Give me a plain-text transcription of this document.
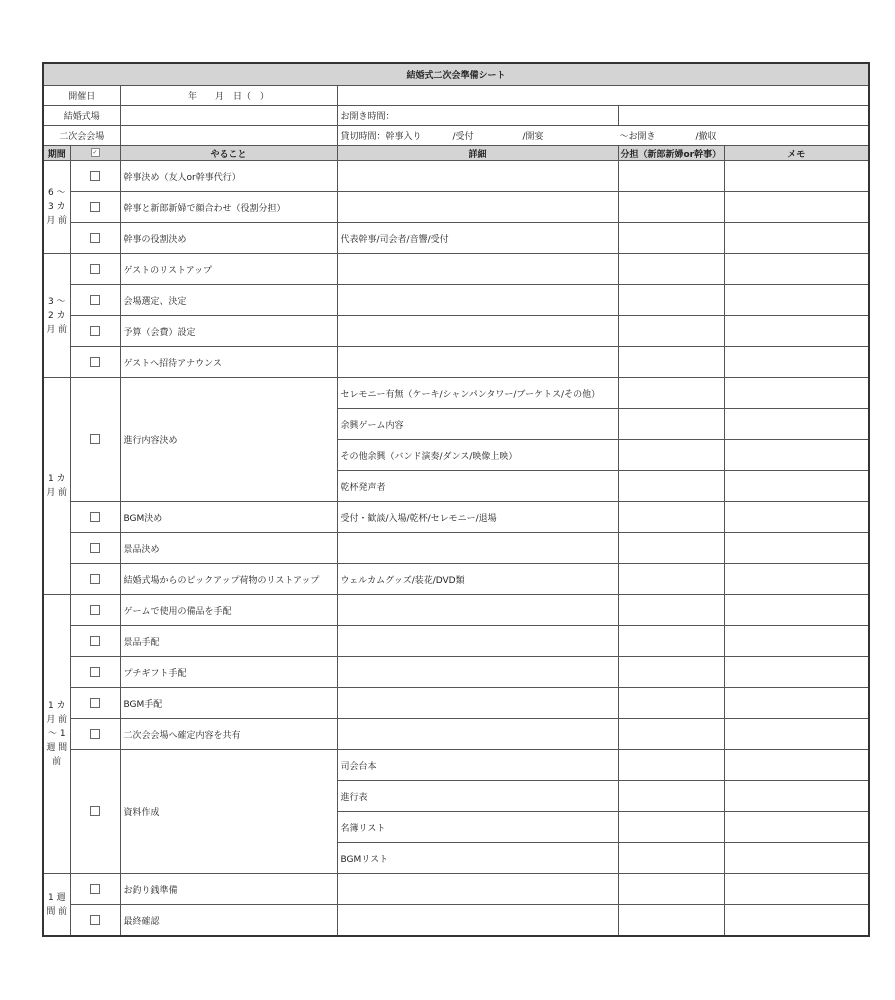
結婚式二次会準備シート					
開催日		年　　月　日（　）			
結婚式場			お開き時間：		
二次会会場			貸切時間：幹事入り /受付 /開宴 ～お開き /撤収		
期間	✓	やること	詳細	分担（新郎新婦or幹事）	メモ
6 〜 3 カ 月 前		幹事決め（友人or幹事代行）			
		幹事と新郎新婦で顔合わせ（役割分担）			
		幹事の役割決め	代表幹事/司会者/音響/受付		
3 〜 2 カ 月 前		ゲストのリストアップ			
		会場選定、決定			
		予算（会費）設定			
		ゲストへ招待アナウンス			
1 カ 月 前		進行内容決め	セレモニー有無（ケーキ/シャンパンタワー/ブーケトス/その他）		
			余興ゲーム内容		
			その他余興（バンド演奏/ダンス/映像上映）		
			乾杯発声者		
		BGM決め	受付・歓談/入場/乾杯/セレモニー/退場		
		景品決め			
		結婚式場からのピックアップ荷物のリストアップ	ウェルカムグッズ/装花/DVD類		
1 カ 月 前 〜 1 週 間 前		ゲームで使用の備品を手配			
		景品手配			
		プチギフト手配			
		BGM手配			
		二次会会場へ確定内容を共有			
		資料作成	司会台本		
			進行表		
			名簿リスト		
			BGMリスト		
1 週 間 前		お釣り銭準備			
		最終確認			
